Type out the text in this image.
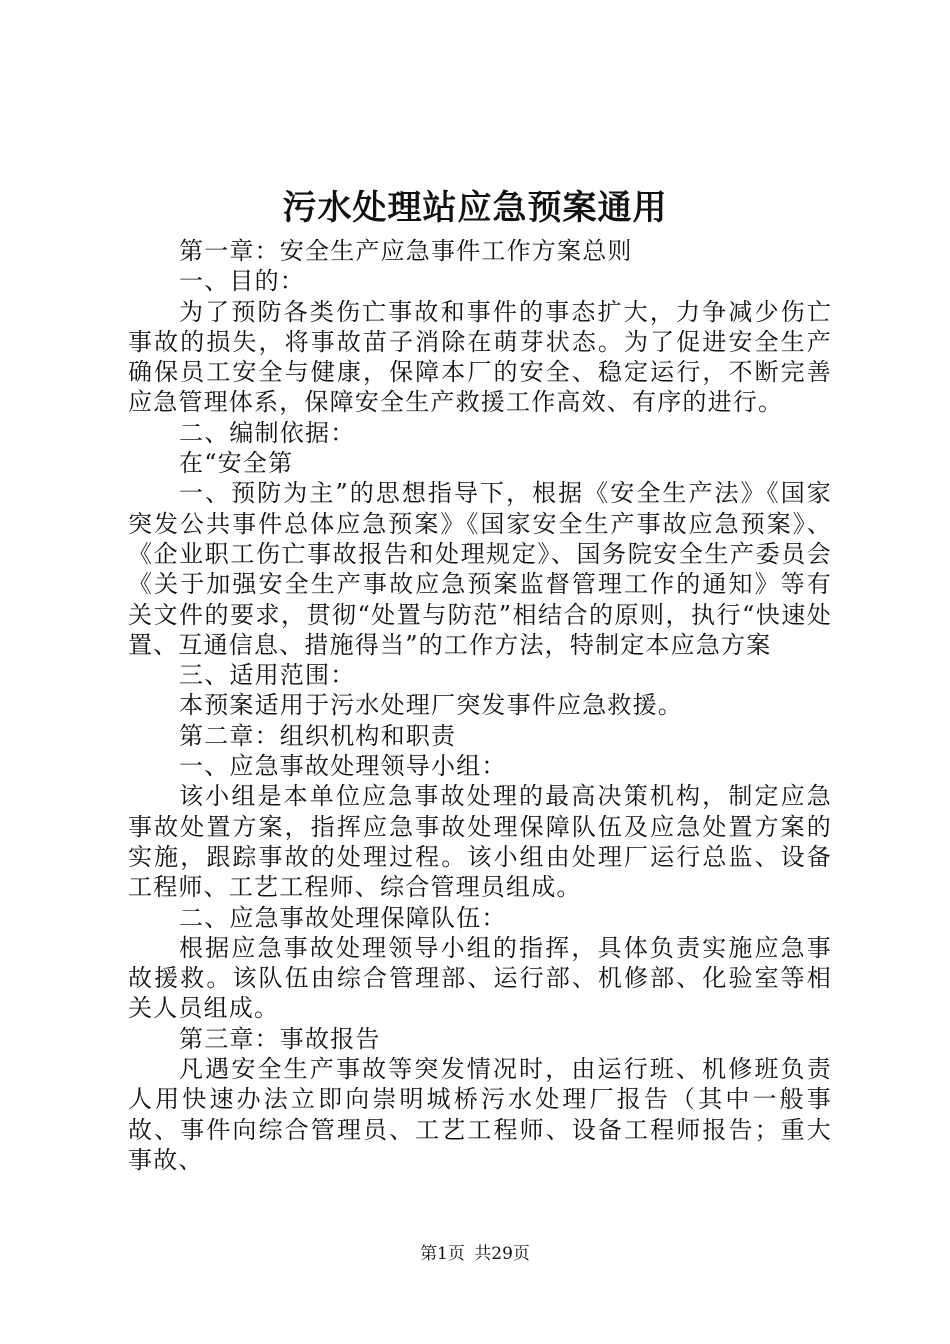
污水处理站应急预案通用

第一章：安全生产应急事件工作方案总则

一、目的：

为了预防各类伤亡事故和事件的事态扩大，力争减少伤亡事故的损失，将事故苗子消除在萌芽状态。为了促进安全生产确保员工安全与健康，保障本厂的安全、稳定运行，不断完善应急管理体系，保障安全生产救援工作高效、有序的进行。

二、编制依据：

在“安全第

一、预防为主”的思想指导下，根据《安全生产法》《国家突发公共事件总体应急预案》《国家安全生产事故应急预案》、《企业职工伤亡事故报告和处理规定》、国务院安全生产委员会《关于加强安全生产事故应急预案监督管理工作的通知》等有关文件的要求，贯彻“处置与防范”相结合的原则，执行“快速处置、互通信息、措施得当”的工作方法，特制定本应急方案

三、适用范围：

本预案适用于污水处理厂突发事件应急救援。

第二章：组织机构和职责

一、应急事故处理领导小组：

该小组是本单位应急事故处理的最高决策机构，制定应急事故处置方案，指挥应急事故处理保障队伍及应急处置方案的实施，跟踪事故的处理过程。该小组由处理厂运行总监、设备工程师、工艺工程师、综合管理员组成。

二、应急事故处理保障队伍：

根据应急事故处理领导小组的指挥，具体负责实施应急事故援救。该队伍由综合管理部、运行部、机修部、化验室等相关人员组成。

第三章：事故报告

凡遇安全生产事故等突发情况时，由运行班、机修班负责人用快速办法立即向崇明城桥污水处理厂报告（其中一般事故、事件向综合管理员、工艺工程师、设备工程师报告；重大事故、

第1页 共29页
